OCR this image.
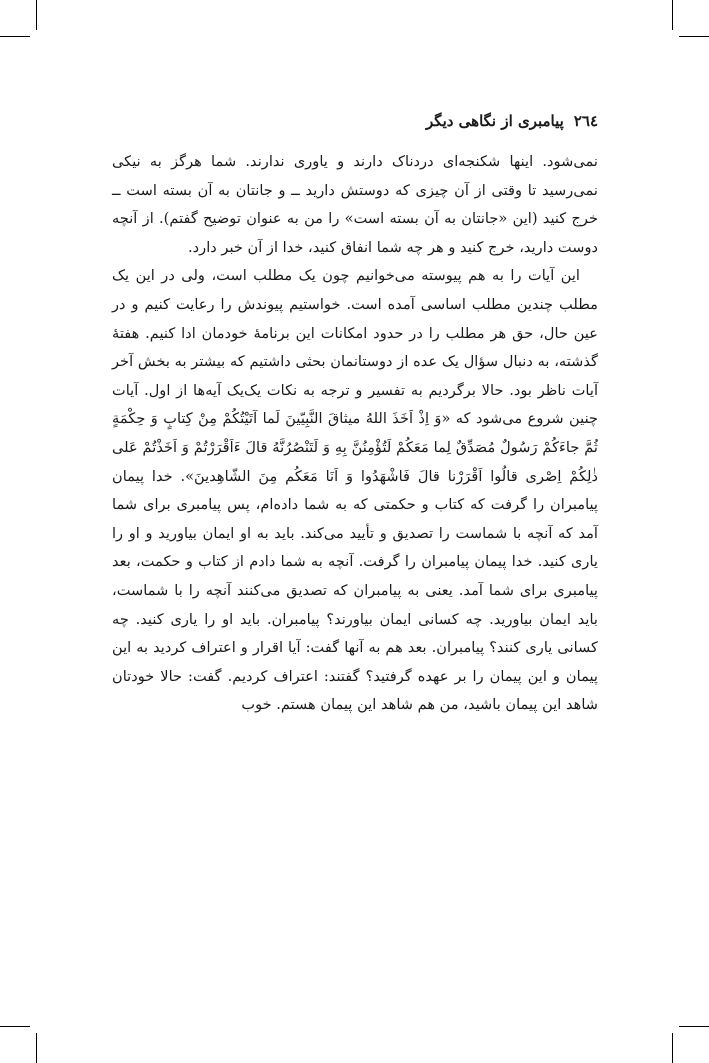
٢٦٤
پیامبری از نگاهی دیگر

نمی‌شود. اینها شکنجه‌ای دردناک دارند و یاوری ندارند. شما هرگز به نیکی نمی‌رسید تا وقتی از آن چیزی که دوستش دارید ــ و جانتان به آن بسته است ــ خرج کنید (این «جانتان به آن بسته است» را من به عنوان توضیح گفتم). از آنچه دوست دارید، خرج کنید و هر چه شما انفاق کنید، خدا از آن خبر دارد.

این آیات را به هم پیوسته می‌خوانیم چون یک مطلب است، ولی در این یک مطلب چندین مطلب اساسی آمده است. خواستیم پیوندش را رعایت کنیم و در عین حال، حق هر مطلب را در حدود امکانات این برنامهٔ خودمان ادا کنیم. هفتهٔ گذشته، به دنبال سؤال یک عده از دوستانمان بحثی داشتیم که بیشتر به بخش آخر آیات ناظر بود. حالا برگردیم به تفسیر و ترجه به نکات یک‌یک آیه‌ها از اول. آیات چنین شروع می‌شود که «وَ اِذْ اَخَذَ اللهُ میثاقَ النَّبِیّینَ لَما آتَیْتُکُمْ مِنْ کِتابٍ وَ حِکْمَةٍ ثُمَّ جاءَکُمْ رَسُولٌ مُصَدِّقٌ لِما مَعَکُمْ لَتُؤْمِنُنَّ بِهِ وَ لَتَنْصُرُنَّهُ قالَ ءَاَقْرَرْتُمْ وَ اَخَذْتُمْ عَلی ذٰلِکُمْ اِصْری قالُوا اَقْرَرْنا قالَ فَاشْهَدُوا وَ اَنَا مَعَکُم مِنَ الشّاهِدینَ». خدا پیمان پیامبران را گرفت که کتاب و حکمتی که به شما داده‌ام، پس پیامبری برای شما آمد که آنچه با شماست را تصدیق و تأیید می‌کند. باید به او ایمان بیاورید و او را یاری کنید. خدا پیمان پیامبران را گرفت. آنچه به شما دادم از کتاب و حکمت، بعد پیامبری برای شما آمد. یعنی به پیامبران که تصدیق می‌کنند آنچه را با شماست، باید ایمان بیاورید. چه کسانی ایمان بیاورند؟ پیامبران. باید او را یاری کنید. چه کسانی یاری کنند؟ پیامبران. بعد هم به آنها گفت: آیا اقرار و اعتراف کردید به این پیمان و این پیمان را بر عهده گرفتید؟ گفتند: اعتراف کردیم. گفت: حالا خودتان شاهد این پیمان باشید، من هم شاهد این پیمان هستم. خوب
